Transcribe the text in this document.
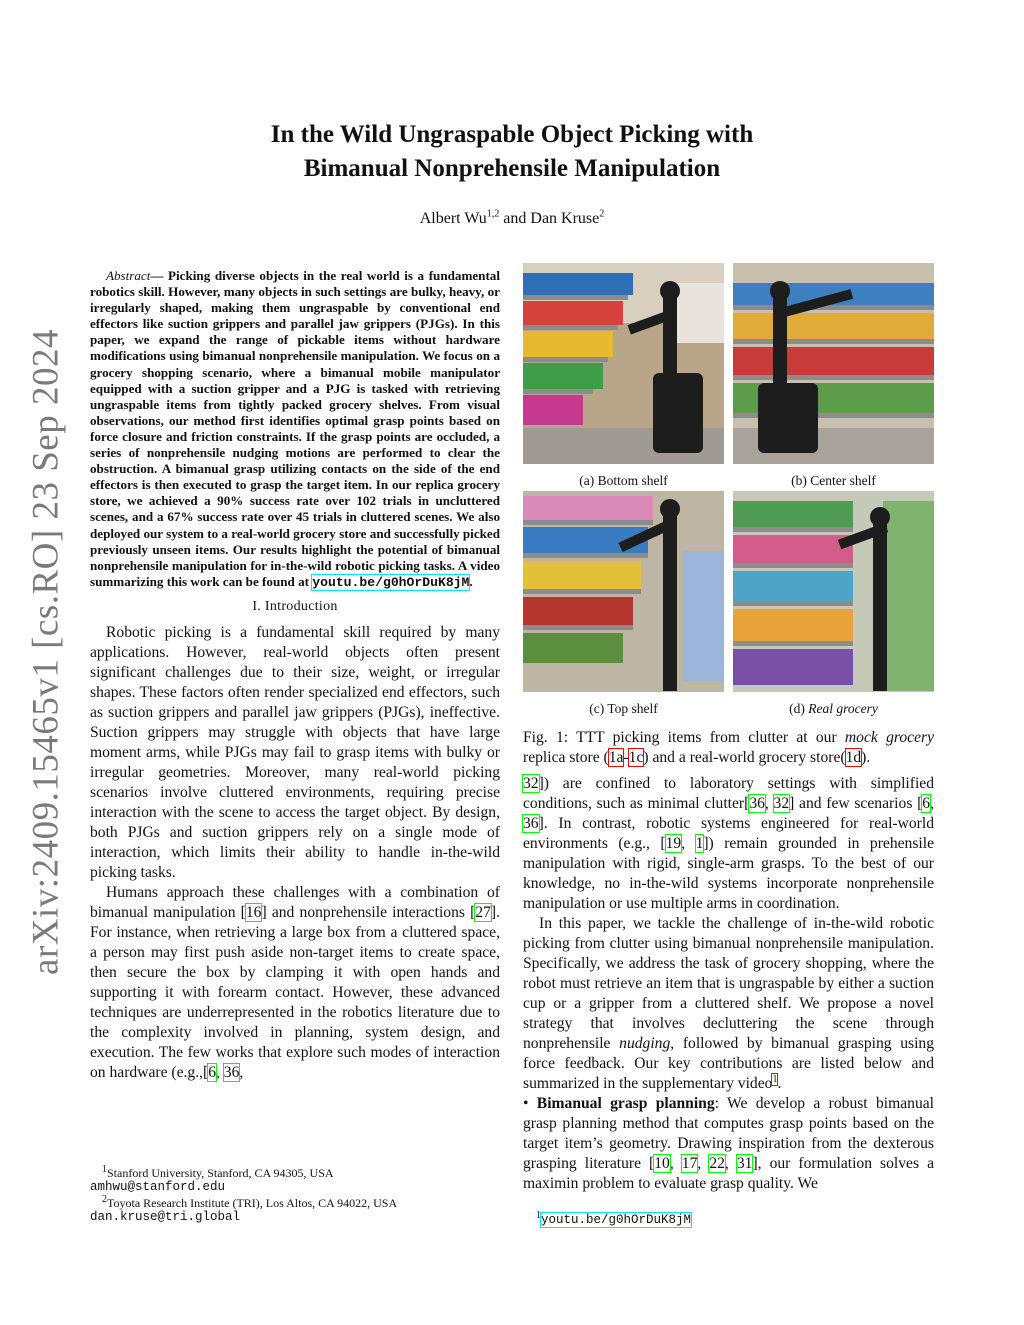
arXiv:2409.15465v1 [cs.RO] 23 Sep 2024
In the Wild Ungraspable Object Picking with
Bimanual Nonprehensile Manipulation
Albert Wu$^{1,2}$ and Dan Kruse$^2$

Abstract— Picking diverse objects in the real world is a fundamental robotics skill. However, many objects in such settings are bulky, heavy, or irregularly shaped, making them ungraspable by conventional end effectors like suction grippers and parallel jaw grippers (PJGs). In this paper, we expand the range of pickable items without hardware modifications using bimanual nonprehensile manipulation. We focus on a grocery shopping scenario, where a bimanual mobile manipulator equipped with a suction gripper and a PJG is tasked with retrieving ungraspable items from tightly packed grocery shelves. From visual observations, our method first identifies optimal grasp points based on force closure and friction constraints. If the grasp points are occluded, a series of nonprehensile nudging motions are performed to clear the obstruction. A bimanual grasp utilizing contacts on the side of the end effectors is then executed to grasp the target item. In our replica grocery store, we achieved a 90% success rate over 102 trials in uncluttered scenes, and a 67% success rate over 45 trials in cluttered scenes. We also deployed our system to a real-world grocery store and successfully picked previously unseen items. Our results highlight the potential of bimanual nonprehensile manipulation for in-the-wild robotic picking tasks. A video summarizing this work can be found at youtu.be/g0hOrDuK8jM.

I. Introduction

Robotic picking is a fundamental skill required by many applications. However, real-world objects often present significant challenges due to their size, weight, or irregular shapes. These factors often render specialized end effectors, such as suction grippers and parallel jaw grippers (PJGs), ineffective. Suction grippers may struggle with objects that have large moment arms, while PJGs may fail to grasp items with bulky or irregular geometries. Moreover, many real-world picking scenarios involve cluttered environments, requiring precise interaction with the scene to access the target object. By design, both PJGs and suction grippers rely on a single mode of interaction, which limits their ability to handle in-the-wild picking tasks.

Humans approach these challenges with a combination of bimanual manipulation [16] and nonprehensile interactions [27]. For instance, when retrieving a large box from a cluttered space, a person may first push aside non-target items to create space, then secure the box by clamping it with open hands and supporting it with forearm contact. However, these advanced techniques are underrepresented in the robotics literature due to the complexity involved in planning, system design, and execution. The few works that explore such modes of interaction on hardware (e.g.,[6, 36,

$^1$Stanford University, Stanford, CA 94305, USA
amhwu@stanford.edu
$^2$Toyota Research Institute (TRI), Los Altos, CA 94022, USA
dan.kruse@tri.global
(a) Bottom shelf	(b) Center shelf
(c) Top shelf	(d) Real grocery
Fig. 1: TTT picking items from clutter at our mock grocery replica store (1a-1c) and a real-world grocery store(1d).

32]) are confined to laboratory settings with simplified conditions, such as minimal clutter[36, 32] and few scenarios [6, 36]. In contrast, robotic systems engineered for real-world environments (e.g., [19, 1]) remain grounded in prehensile manipulation with rigid, single-arm grasps. To the best of our knowledge, no in-the-wild systems incorporate nonprehensile manipulation or use multiple arms in coordination.

In this paper, we tackle the challenge of in-the-wild robotic picking from clutter using bimanual nonprehensile manipulation. Specifically, we address the task of grocery shopping, where the robot must retrieve an item that is ungraspable by either a suction cup or a gripper from a cluttered shelf. We propose a novel strategy that involves decluttering the scene through nonprehensile nudging, followed by bimanual grasping using force feedback. Our key contributions are listed below and summarized in the supplementary video$^1$.

• Bimanual grasp planning: We develop a robust bimanual grasp planning method that computes grasp points based on the target item’s geometry. Drawing inspiration from the dexterous grasping literature [10, 17, 22, 31], our formulation solves a maximin problem to evaluate grasp quality. We

$^1$youtu.be/g0hOrDuK8jM
